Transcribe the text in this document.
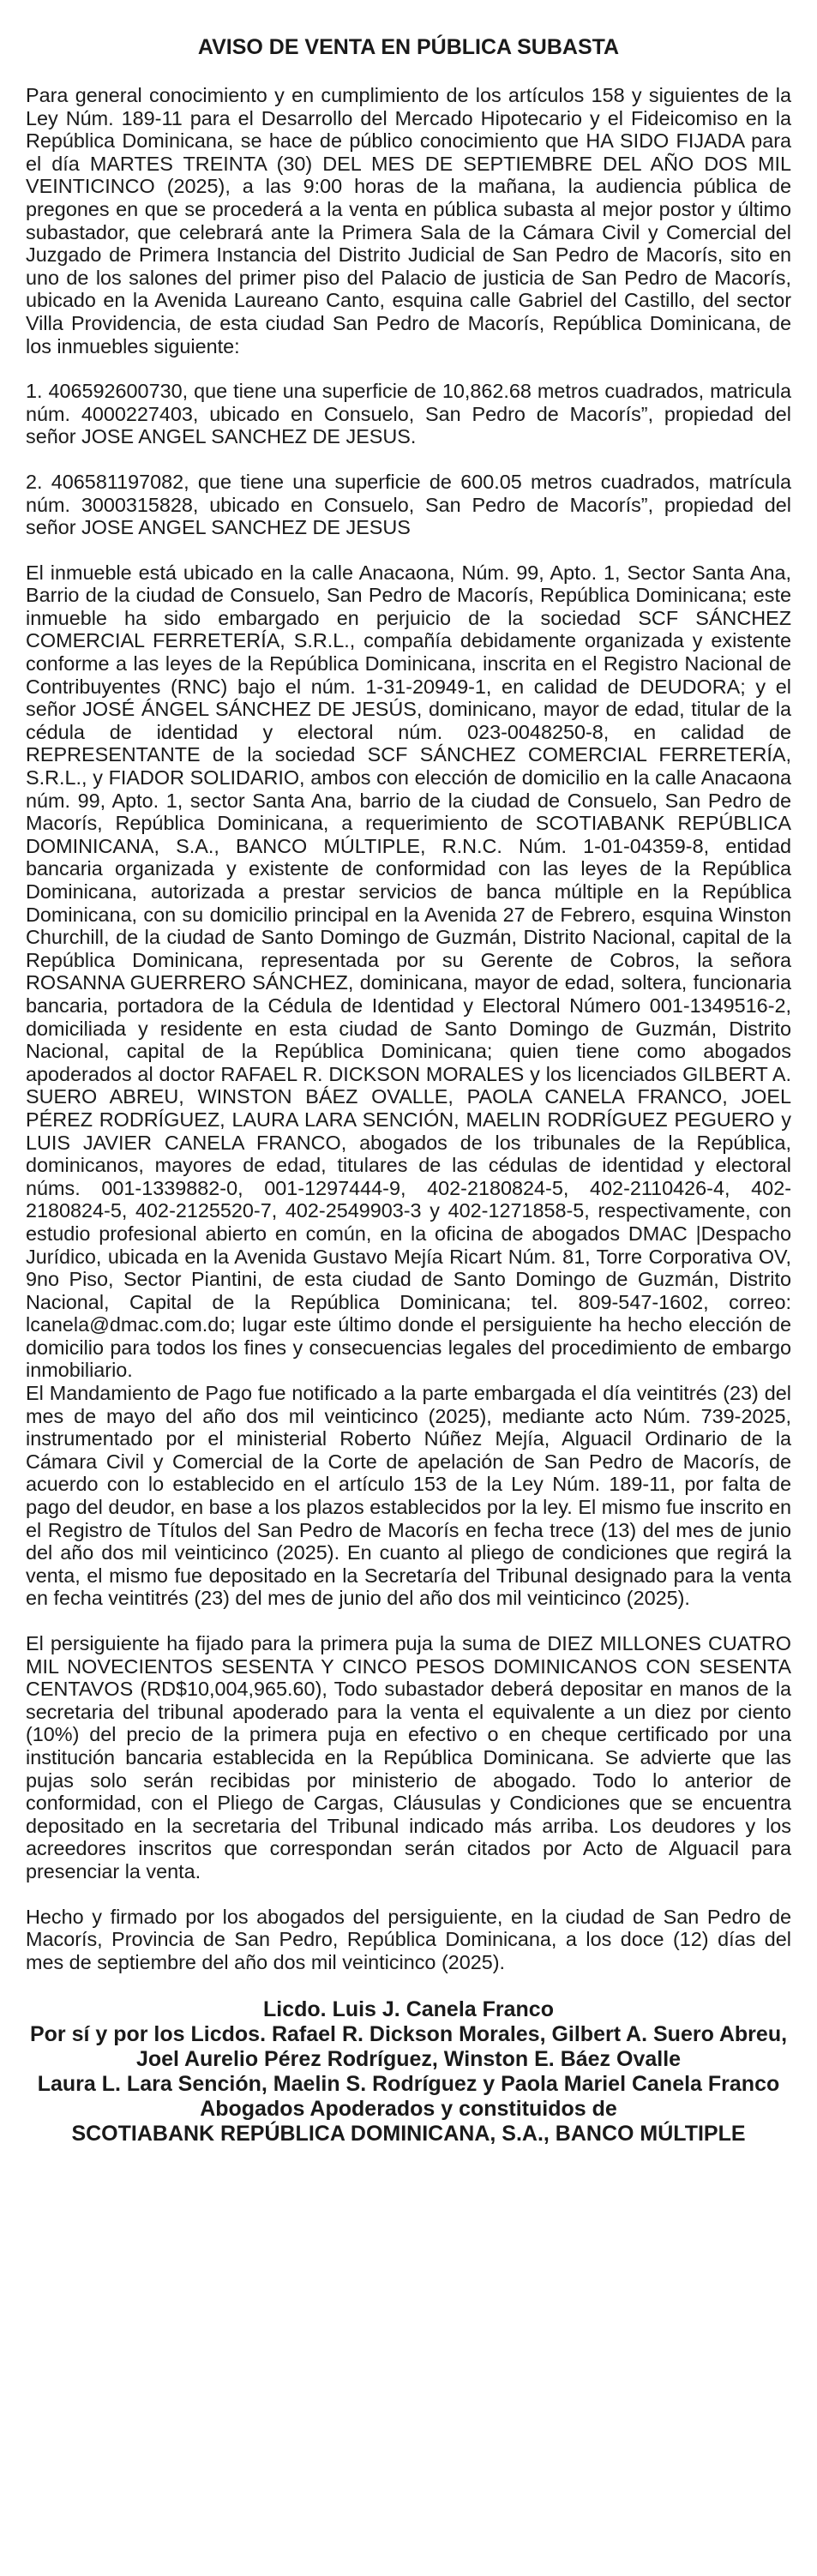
AVISO DE VENTA EN PÚBLICA SUBASTA

Para general conocimiento y en cumplimiento de los artículos 158 y siguientes de la Ley Núm. 189-11 para el Desarrollo del Mercado Hipotecario y el Fideicomiso en la República Dominicana, se hace de público conocimiento que HA SIDO FIJADA para el día MARTES TREINTA (30) DEL MES DE SEPTIEMBRE DEL AÑO DOS MIL VEINTICINCO (2025), a las 9:00 horas de la mañana, la audiencia pública de pregones en que se procederá a la venta en pública subasta al mejor postor y último subastador, que celebrará ante la Primera Sala de la Cámara Civil y Comercial del Juzgado de Primera Instancia del Distrito Judicial de San Pedro de Macorís, sito en uno de los salones del primer piso del Palacio de justicia de San Pedro de Macorís, ubicado en la Avenida Laureano Canto, esquina calle Gabriel del Castillo, del sector Villa Providencia, de esta ciudad San Pedro de Macorís, República Dominicana, de los inmuebles siguiente:

1. 406592600730, que tiene una superficie de 10,862.68 metros cuadrados, matricula núm. 4000227403, ubicado en Consuelo, San Pedro de Macorís”, propiedad del señor JOSE ANGEL SANCHEZ DE JESUS.

2. 406581197082, que tiene una superficie de 600.05 metros cuadrados, matrícula núm. 3000315828, ubicado en Consuelo, San Pedro de Macorís”, propiedad del señor JOSE ANGEL SANCHEZ DE JESUS

El inmueble está ubicado en la calle Anacaona, Núm. 99, Apto. 1, Sector Santa Ana, Barrio de la ciudad de Consuelo, San Pedro de Macorís, República Dominicana; este inmueble ha sido embargado en perjuicio de la sociedad SCF SÁNCHEZ COMERCIAL FERRETERÍA, S.R.L., compañía debidamente organizada y existente conforme a las leyes de la República Dominicana, inscrita en el Registro Nacional de Contribuyentes (RNC) bajo el núm. 1-31-20949-1, en calidad de DEUDORA; y el señor JOSÉ ÁNGEL SÁNCHEZ DE JESÚS, dominicano, mayor de edad, titular de la cédula de identidad y electoral núm. 023-0048250-8, en calidad de REPRESENTANTE de la sociedad SCF SÁNCHEZ COMERCIAL FERRETERÍA, S.R.L., y FIADOR SOLIDARIO, ambos con elección de domicilio en la calle Anacaona núm. 99, Apto. 1, sector Santa Ana, barrio de la ciudad de Consuelo, San Pedro de Macorís, República Dominicana, a requerimiento de SCOTIABANK REPÚBLICA DOMINICANA, S.A., BANCO MÚLTIPLE, R.N.C. Núm. 1-01-04359-8, entidad bancaria organizada y existente de conformidad con las leyes de la República Dominicana, autorizada a prestar servicios de banca múltiple en la República Dominicana, con su domicilio principal en la Avenida 27 de Febrero, esquina Winston Churchill, de la ciudad de Santo Domingo de Guzmán, Distrito Nacional, capital de la República Dominicana, representada por su Gerente de Cobros, la señora ROSANNA GUERRERO SÁNCHEZ, dominicana, mayor de edad, soltera, funcionaria bancaria, portadora de la Cédula de Identidad y Electoral Número 001-1349516-2, domiciliada y residente en esta ciudad de Santo Domingo de Guzmán, Distrito Nacional, capital de la República Dominicana; quien tiene como abogados apoderados al doctor RAFAEL R. DICKSON MORALES y los licenciados GILBERT A. SUERO ABREU, WINSTON BÁEZ OVALLE, PAOLA CANELA FRANCO, JOEL PÉREZ RODRÍGUEZ, LAURA LARA SENCIÓN, MAELIN RODRÍGUEZ PEGUERO y LUIS JAVIER CANELA FRANCO, abogados de los tribunales de la República, dominicanos, mayores de edad, titulares de las cédulas de identidad y electoral núms. 001-1339882-0, 001-1297444-9, 402-2180824-5, 402-2110426-4, 402-2180824-5, 402-2125520-7, 402-2549903-3 y 402-1271858-5, respectivamente, con estudio profesional abierto en común, en la oficina de abogados DMAC |Despacho Jurídico, ubicada en la Avenida Gustavo Mejía Ricart Núm. 81, Torre Corporativa OV, 9no Piso, Sector Piantini, de esta ciudad de Santo Domingo de Guzmán, Distrito Nacional, Capital de la República Dominicana; tel. 809-547-1602, correo: lcanela@dmac.com.do; lugar este último donde el persiguiente ha hecho elección de domicilio para todos los fines y consecuencias legales del procedimiento de embargo inmobiliario.

El Mandamiento de Pago fue notificado a la parte embargada el día veintitrés (23) del mes de mayo del año dos mil veinticinco (2025), mediante acto Núm. 739-2025, instrumentado por el ministerial Roberto Núñez Mejía, Alguacil Ordinario de la Cámara Civil y Comercial de la Corte de apelación de San Pedro de Macorís, de acuerdo con lo establecido en el artículo 153 de la Ley Núm. 189-11, por falta de pago del deudor, en base a los plazos establecidos por la ley. El mismo fue inscrito en el Registro de Títulos del San Pedro de Macorís en fecha trece (13) del mes de junio del año dos mil veinticinco (2025). En cuanto al pliego de condiciones que regirá la venta, el mismo fue depositado en la Secretaría del Tribunal designado para la venta en fecha veintitrés (23) del mes de junio del año dos mil veinticinco (2025).

El persiguiente ha fijado para la primera puja la suma de DIEZ MILLONES CUATRO MIL NOVECIENTOS SESENTA Y CINCO PESOS DOMINICANOS CON SESENTA CENTAVOS (RD$10,004,965.60), Todo subastador deberá depositar en manos de la secretaria del tribunal apoderado para la venta el equivalente a un diez por ciento (10%) del precio de la primera puja en efectivo o en cheque certificado por una institución bancaria establecida en la República Dominicana. Se advierte que las pujas solo serán recibidas por ministerio de abogado. Todo lo anterior de conformidad, con el Pliego de Cargas, Cláusulas y Condiciones que se encuentra depositado en la secretaria del Tribunal indicado más arriba. Los deudores y los acreedores inscritos que correspondan serán citados por Acto de Alguacil para presenciar la venta.

Hecho y firmado por los abogados del persiguiente, en la ciudad de San Pedro de Macorís, Provincia de San Pedro, República Dominicana, a los doce (12) días del mes de septiembre del año dos mil veinticinco (2025).

Licdo. Luis J. Canela Franco

Por sí y por los Licdos. Rafael R. Dickson Morales, Gilbert A. Suero Abreu, Joel Aurelio Pérez Rodríguez, Winston E. Báez Ovalle

Laura L. Lara Sención, Maelin S. Rodríguez y Paola Mariel Canela Franco

Abogados Apoderados y constituidos de

SCOTIABANK REPÚBLICA DOMINICANA, S.A., BANCO MÚLTIPLE
